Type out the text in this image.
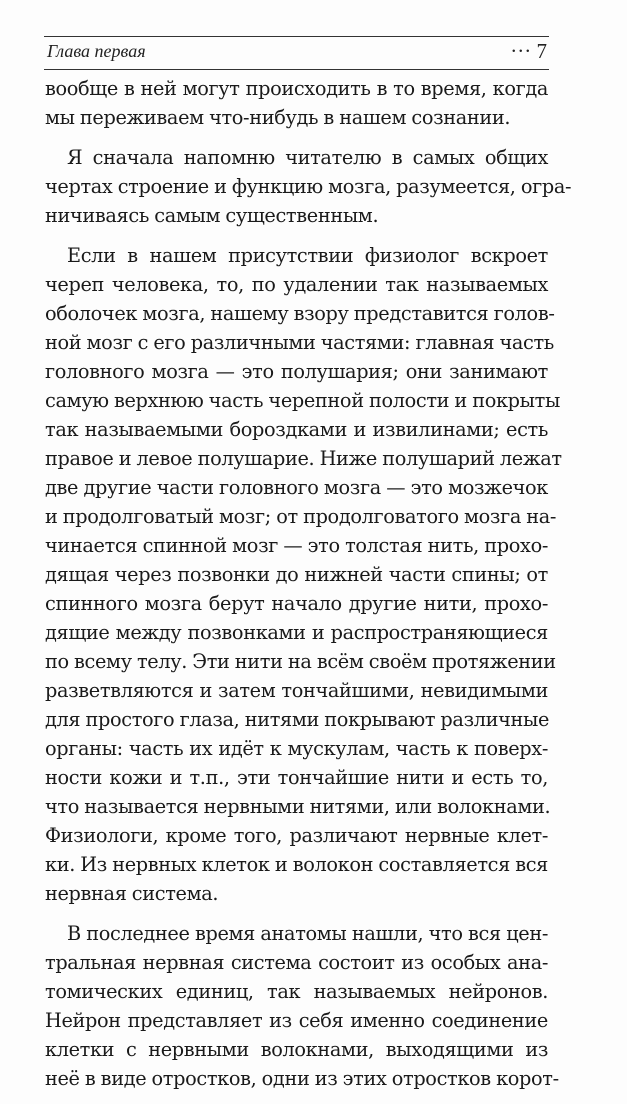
Глава первая	··· 7
вообще в ней могут происходить в то время, когда
мы переживаем что-нибудь в нашем сознании.
Я сначала напомню читателю в самых общих
чертах строение и функцию мозга, разумеется, огра-
ничиваясь самым существенным.
Если в нашем присутствии физиолог вскроет
череп человека, то, по удалении так называемых
оболочек мозга, нашему взору представится голов-
ной мозг с его различными частями: главная часть
головного мозга — это полушария; они занимают
самую верхнюю часть черепной полости и покрыты
так называемыми бороздками и извилинами; есть
правое и левое полушарие. Ниже полушарий лежат
две другие части головного мозга — это мозжечок
и продолговатый мозг; от продолговатого мозга на-
чинается спинной мозг — это толстая нить, прохо-
дящая через позвонки до нижней части спины; от
спинного мозга берут начало другие нити, прохо-
дящие между позвонками и распространяющиеся
по всему телу. Эти нити на всём своём протяжении
разветвляются и затем тончайшими, невидимыми
для простого глаза, нитями покрывают различные
органы: часть их идёт к мускулам, часть к поверх-
ности кожи и т.п., эти тончайшие нити и есть то,
что называется нервными нитями, или волокнами.
Физиологи, кроме того, различают нервные клет-
ки. Из нервных клеток и волокон составляется вся
нервная система.
В последнее время анатомы нашли, что вся цен-
тральная нервная система состоит из особых ана-
томических единиц, так называемых нейронов.
Нейрон представляет из себя именно соединение
клетки с нервными волокнами, выходящими из
неё в виде отростков, одни из этих отростков корот-
